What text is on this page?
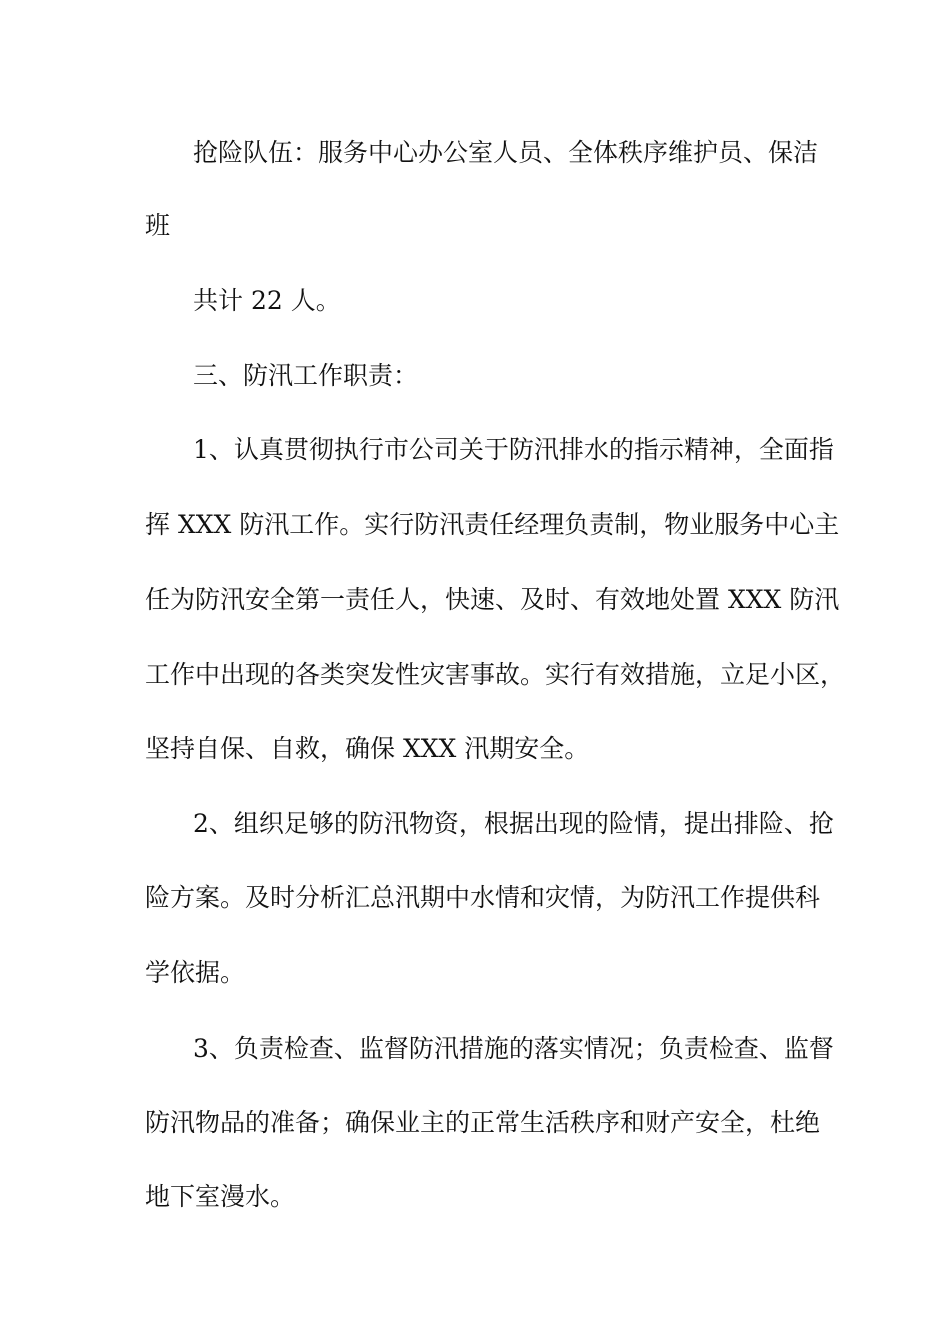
抢险队伍：服务中心办公室人员、全体秩序维护员、保洁
班
共计 22 人。
三、防汛工作职责：
1、认真贯彻执行市公司关于防汛排水的指示精神，全面指
挥 XXX 防汛工作。实行防汛责任经理负责制，物业服务中心主
任为防汛安全第一责任人，快速、及时、有效地处置 XXX 防汛
工作中出现的各类突发性灾害事故。实行有效措施，立足小区，
坚持自保、自救，确保 XXX 汛期安全。
2、组织足够的防汛物资，根据出现的险情，提出排险、抢
险方案。及时分析汇总汛期中水情和灾情，为防汛工作提供科
学依据。
3、负责检查、监督防汛措施的落实情况；负责检查、监督
防汛物品的准备；确保业主的正常生活秩序和财产安全，杜绝
地下室漫水。
